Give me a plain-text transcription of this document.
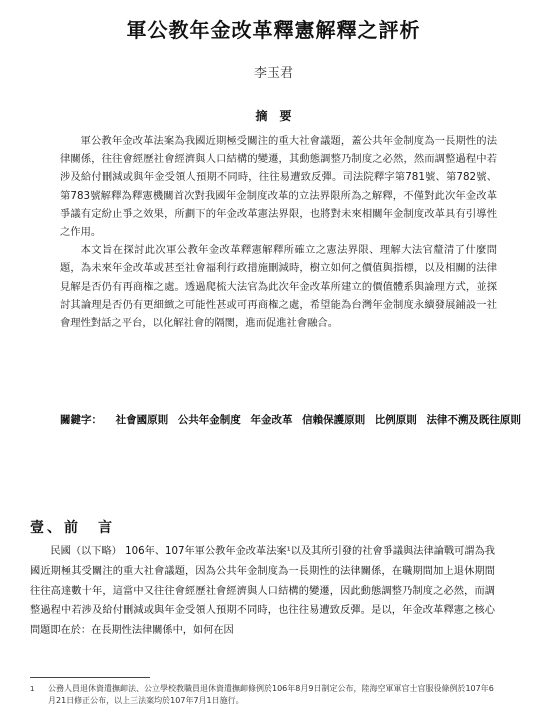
軍公教年金改革釋憲解釋之評析
李玉君
摘要

軍公教年金改革法案為我國近期極受關注的重大社會議題，蓋公共年金制度為一長期性的法律關係，往往會經歷社會經濟與人口結構的變遷，其動態調整乃制度之必然，然而調整過程中若涉及給付刪減或與年金受領人預期不同時，往往易遭致反彈。司法院釋字第781號、第782號、第783號解釋為釋憲機關首次對我國年金制度改革的立法界限所為之解釋，不僅對此次年金改革爭議有定紛止爭之效果，所劃下的年金改革憲法界限，也將對未來相關年金制度改革具有引導性之作用。

本文旨在探討此次軍公教年金改革釋憲解釋所確立之憲法界限、理解大法官釐清了什麼問題，為未來年金改革或甚至社會福利行政措施刪減時，樹立如何之價值與指標，以及相關的法律見解是否仍有再商権之處。透過爬梳大法官為此次年金改革所建立的價值體系與論理方式，並探討其論理是否仍有更細緻之可能性甚或可再商権之處，希望能為台灣年金制度永續發展鋪設一社會理性對話之平台，以化解社會的隔閡，進而促進社會融合。

關鍵字： 社會國原則 公共年金制度 年金改革 信賴保護原則 比例原則 法律不溯及既往原則
壹、前　言

民國（以下略） 106年、107年軍公教年金改革法案¹以及其所引發的社會爭議與法律論戰可謂為我國近期極其受關注的重大社會議題，因為公共年金制度為一長期性的法律關係，在職期間加上退休期間往往高達數十年，這當中又往往會經歷社會經濟與人口結構的變遷，因此動態調整乃制度之必然，而調整過程中若涉及給付刪減或與年金受領人預期不同時，也往往易遭致反彈。是以，年金改革釋憲之核心問題即在於：在長期性法律關係中，如何在因

1 公務人員退休資遣撫卹法、公立學校教職員退休資遣撫卹條例於106年8月9日制定公布，陸海空軍軍官士官服役條例於107年6月21日修正公布，以上三法案均於107年7月1日施行。
